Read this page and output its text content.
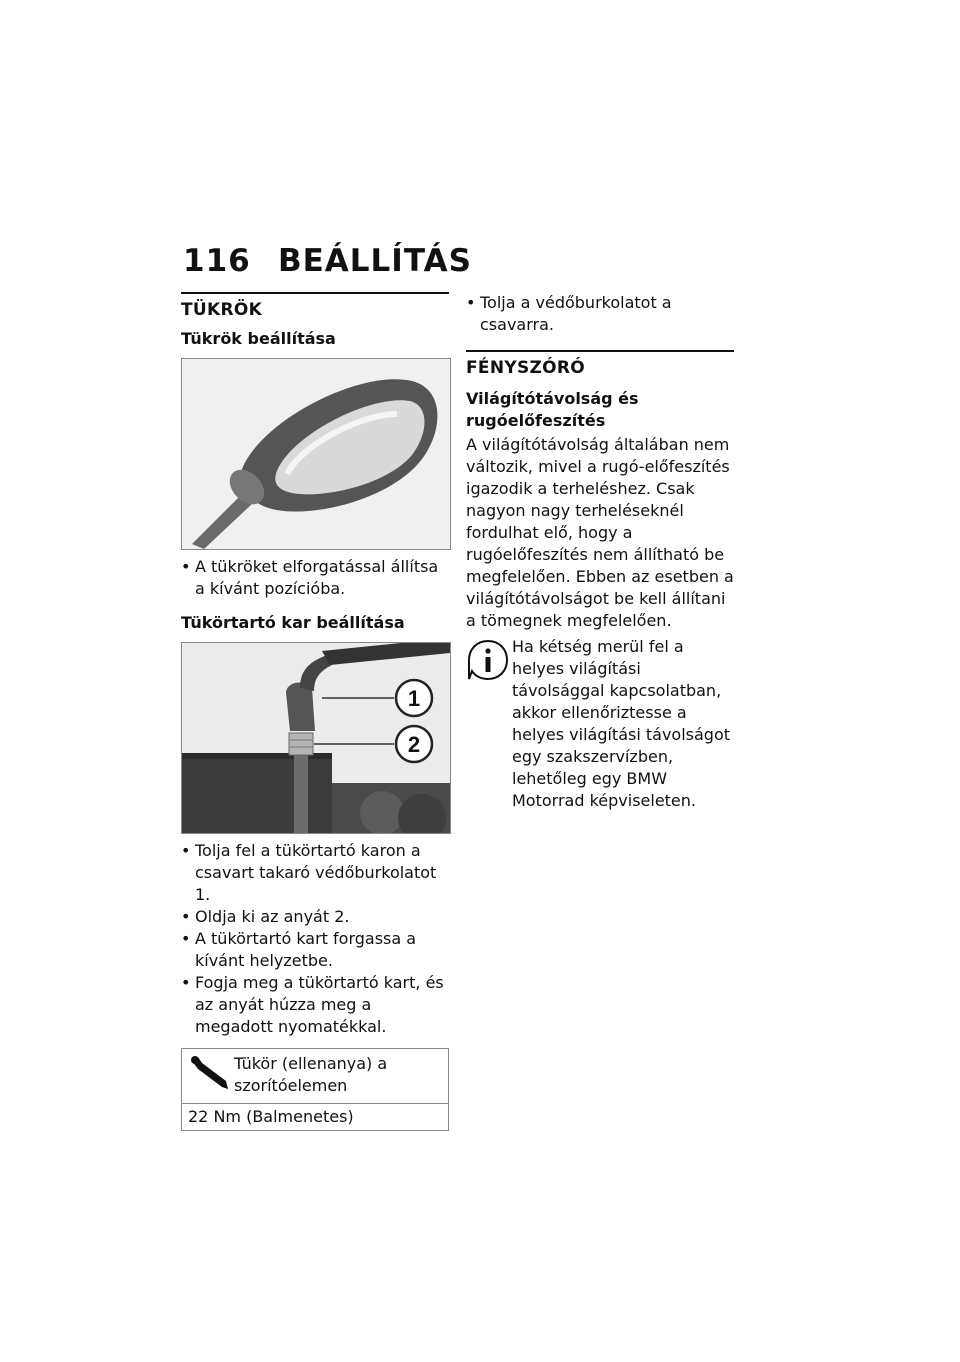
116 BEÁLLÍTÁS
TÜKRÖK
Tükrök beállítása
• A tükröket elforgatással állítsa a kívánt pozícióba.
Tükörtartó kar beállítása
1
2
• Tolja fel a tükörtartó karon a csavart takaró védőburkolatot 1.
• Oldja ki az anyát 2.
• A tükörtartó kart forgassa a kívánt helyzetbe.
• Fogja meg a tükörtartó kart, és az anyát húzza meg a megadott nyomatékkal.
Tükör (ellenanya) a szorítóelemen
22 Nm (Balmenetes)
• Tolja a védőburkolatot a csavarra.
FÉNYSZÓRÓ
Világítótávolság és rugóelőfeszítés

A világítótávolság általában nem változik, mivel a rugó-előfeszítés igazodik a terheléshez. Csak nagyon nagy terheléseknél fordulhat elő, hogy a rugóelőfeszítés nem állítható be megfelelően. Ebben az esetben a világítótávolságot be kell állítani a tömegnek megfelelően.

Ha kétség merül fel a helyes világítási távolsággal kapcsolatban, akkor ellenőriztesse a helyes világítási távolságot egy szakszervízben, lehetőleg egy BMW Motorrad képviseleten.
